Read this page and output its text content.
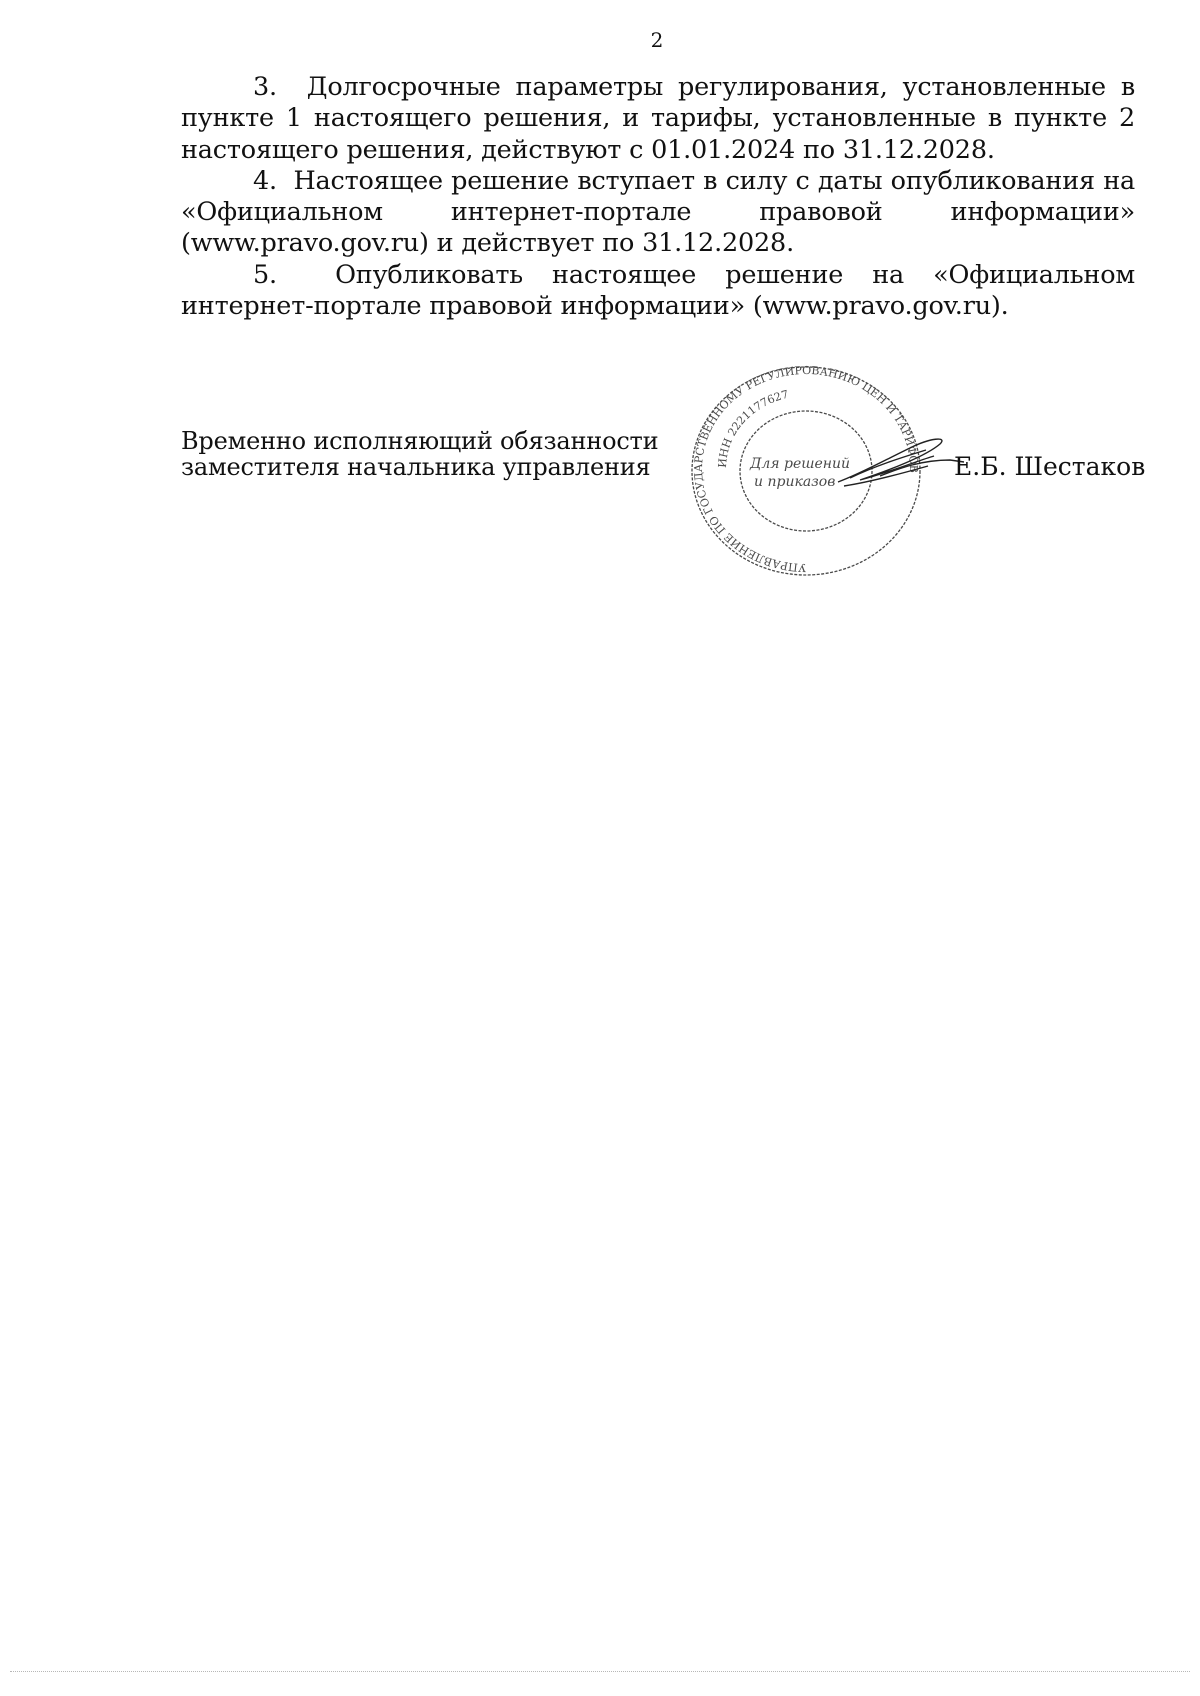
2

3. Долгосрочные параметры регулирования, установленные в пункте 1 настоящего решения, и тарифы, установленные в пункте 2 настоящего решения, действуют с 01.01.2024 по 31.12.2028.

4. Настоящее решение вступает в силу с даты опубликования на «Официальном интернет-портале правовой информации» (www.pravo.gov.ru) и действует по 31.12.2028.

5. Опубликовать настоящее решение на «Официальном интернет-портале правовой информации» (www.pravo.gov.ru).

Временно исполняющий обязанности
заместителя начальника управления
УПРАВЛЕНИЕ ПО ГОСУДАРСТВЕННОМУ РЕГУЛИРОВАНИЮ ЦЕН И ТАРИФОВ
ИНН 2221177627
Для решений
и приказов
Е.Б. Шестаков
